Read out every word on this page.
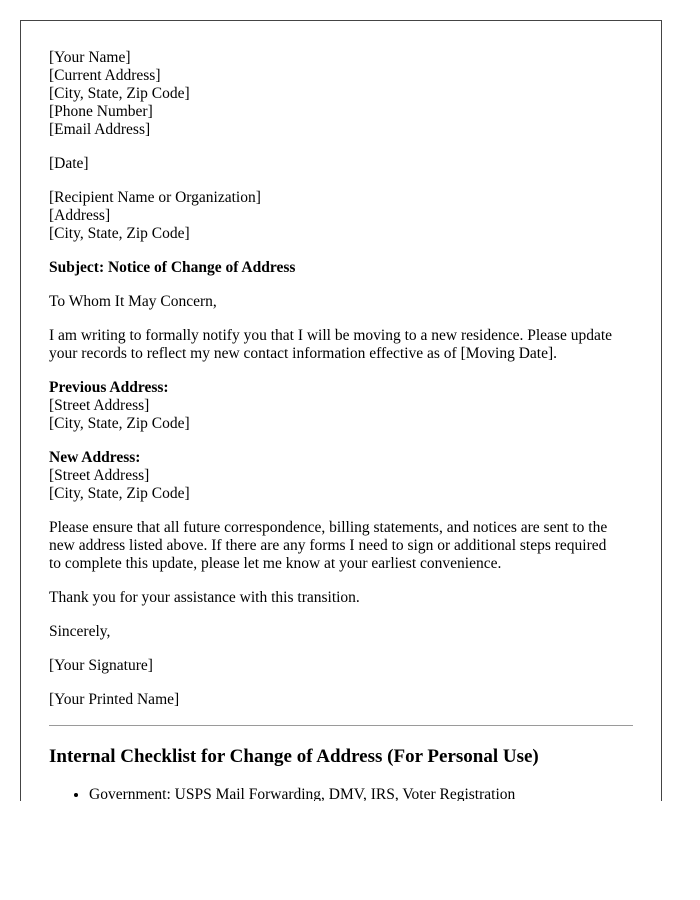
[Your Name]
[Current Address]
[City, State, Zip Code]
[Phone Number]
[Email Address]
[Date]
[Recipient Name or Organization]
[Address]
[City, State, Zip Code]
Subject: Notice of Change of Address
To Whom It May Concern,
I am writing to formally notify you that I will be moving to a new residence. Please update
your records to reflect my new contact information effective as of [Moving Date].
Previous Address:
[Street Address]
[City, State, Zip Code]
New Address:
[Street Address]
[City, State, Zip Code]
Please ensure that all future correspondence, billing statements, and notices are sent to the
new address listed above. If there are any forms I need to sign or additional steps required
to complete this update, please let me know at your earliest convenience.
Thank you for your assistance with this transition.
Sincerely,
[Your Signature]
[Your Printed Name]
Internal Checklist for Change of Address (For Personal Use)
• Government: USPS Mail Forwarding, DMV, IRS, Voter Registration
